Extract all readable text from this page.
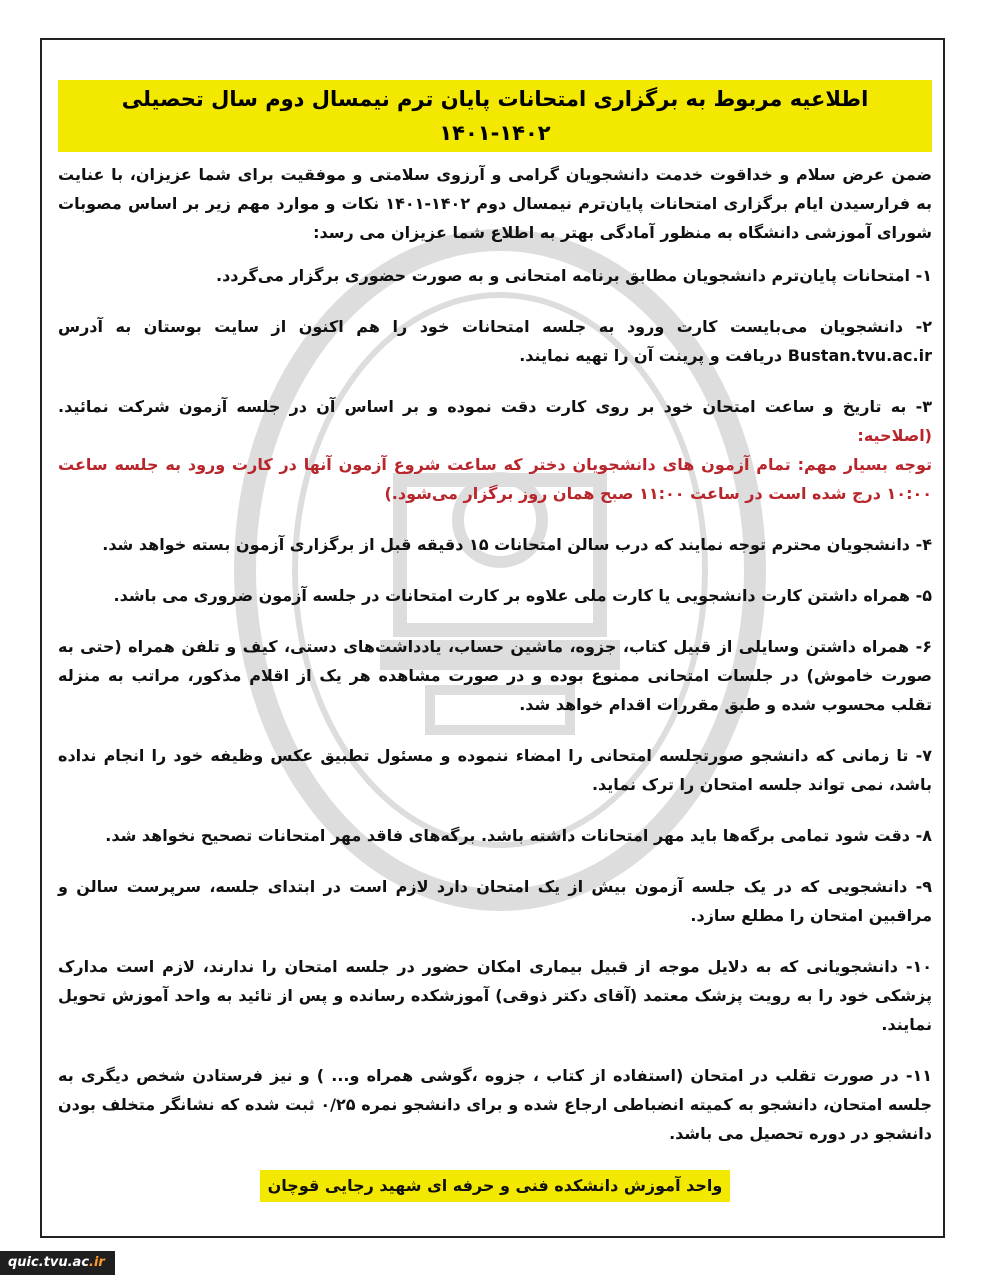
اطلاعیه مربوط به برگزاری امتحانات پایان ترم نیمسال دوم سال تحصیلی ۱۴۰۲-۱۴۰۱

ضمن عرض سلام و خداقوت خدمت دانشجویان گرامی و آرزوی سلامتی و موفقیت برای شما عزیزان، با عنایت به فرارسیدن ایام برگزاری امتحانات پایان‌ترم نیمسال دوم ۱۴۰۲-۱۴۰۱ نکات و موارد مهم زیر بر اساس مصوبات شورای آموزشی دانشگاه به منظور آمادگی بهتر به اطلاع شما عزیزان می رسد:

۱- امتحانات پایان‌ترم دانشجویان مطابق برنامه امتحانی و به صورت حضوری برگزار می‌گردد.

۲- دانشجویان می‌بایست کارت ورود به جلسه امتحانات خود را هم اکنون از سایت بوستان به آدرس Bustan.tvu.ac.ir دریافت و پرینت آن را تهیه نمایند.

۳- به تاریخ و ساعت امتحان خود بر روی کارت دقت نموده و بر اساس آن در جلسه آزمون شرکت نمائید. (اصلاحیه:
توجه بسیار مهم: تمام آزمون های دانشجویان دختر که ساعت شروع آزمون آنها در کارت ورود به جلسه ساعت ۱۰:۰۰ درج شده است در ساعت ۱۱:۰۰ صبح همان روز برگزار می‌شود.)

۴- دانشجویان محترم توجه نمایند که درب سالن امتحانات ۱۵ دقیقه قبل از برگزاری آزمون بسته خواهد شد.

۵- همراه داشتن کارت دانشجویی یا کارت ملی علاوه بر کارت امتحانات در جلسه آزمون ضروری می باشد.

۶- همراه داشتن وسایلی از قبیل کتاب، جزوه، ماشین حساب، یادداشت‌های دستی، کیف و تلفن همراه (حتی به صورت خاموش) در جلسات امتحانی ممنوع بوده و در صورت مشاهده هر یک از اقلام مذکور، مراتب به منزله تقلب محسوب شده و طبق مقررات اقدام خواهد شد.

۷- تا زمانی که دانشجو صورتجلسه امتحانی را امضاء ننموده و مسئول تطبیق عکس وظیفه خود را انجام نداده باشد، نمی تواند جلسه امتحان را ترک نماید.

۸- دقت شود تمامی برگه‌ها باید مهر امتحانات داشته باشد. برگه‌های فاقد مهر امتحانات تصحیح نخواهد شد.

۹- دانشجویی که در یک جلسه آزمون بیش از یک امتحان دارد لازم است در ابتدای جلسه، سرپرست سالن و مراقبین امتحان را مطلع سازد.

۱۰- دانشجویانی که به دلایل موجه از قبیل بیماری امکان حضور در جلسه امتحان را ندارند، لازم است مدارک پزشکی خود را به رویت پزشک معتمد (آقای دکتر ذوقی) آموزشکده رسانده و پس از تائید به واحد آموزش تحویل نمایند.

۱۱- در صورت تقلب در امتحان (استفاده از کتاب ، جزوه ،گوشی همراه و... ) و نیز فرستادن شخص دیگری به جلسه امتحان، دانشجو به کمیته انضباطی ارجاع شده و برای دانشجو نمره ۰/۲۵ ثبت شده که نشانگر متخلف بودن دانشجو در دوره تحصیل می باشد.

واحد آموزش دانشکده فنی و حرفه ای شهید رجایی قوچان
quic.tvu.ac.ir
